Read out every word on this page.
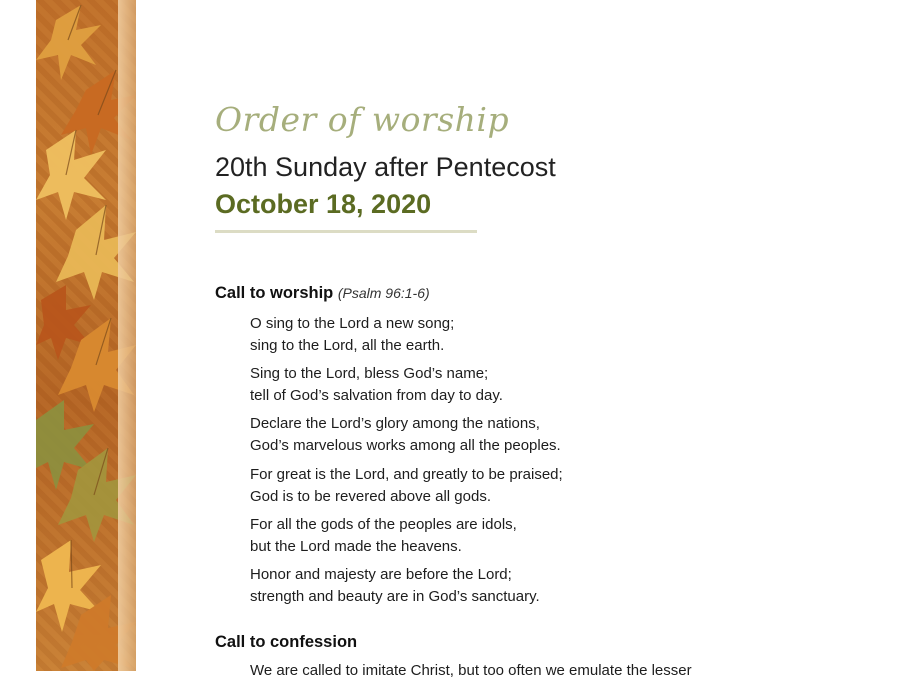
Order of worship
20th Sunday after Pentecost
October 18, 2020
Call to worship (Psalm 96:1-6)
O sing to the Lord a new song;
sing to the Lord, all the earth.
Sing to the Lord, bless God’s name;
tell of God’s salvation from day to day.
Declare the Lord’s glory among the nations,
God’s marvelous works among all the peoples.
For great is the Lord, and greatly to be praised;
God is to be revered above all gods.
For all the gods of the peoples are idols,
but the Lord made the heavens.
Honor and majesty are before the Lord;
strength and beauty are in God’s sanctuary.
Call to confession
We are called to imitate Christ, but too often we emulate the lesser
